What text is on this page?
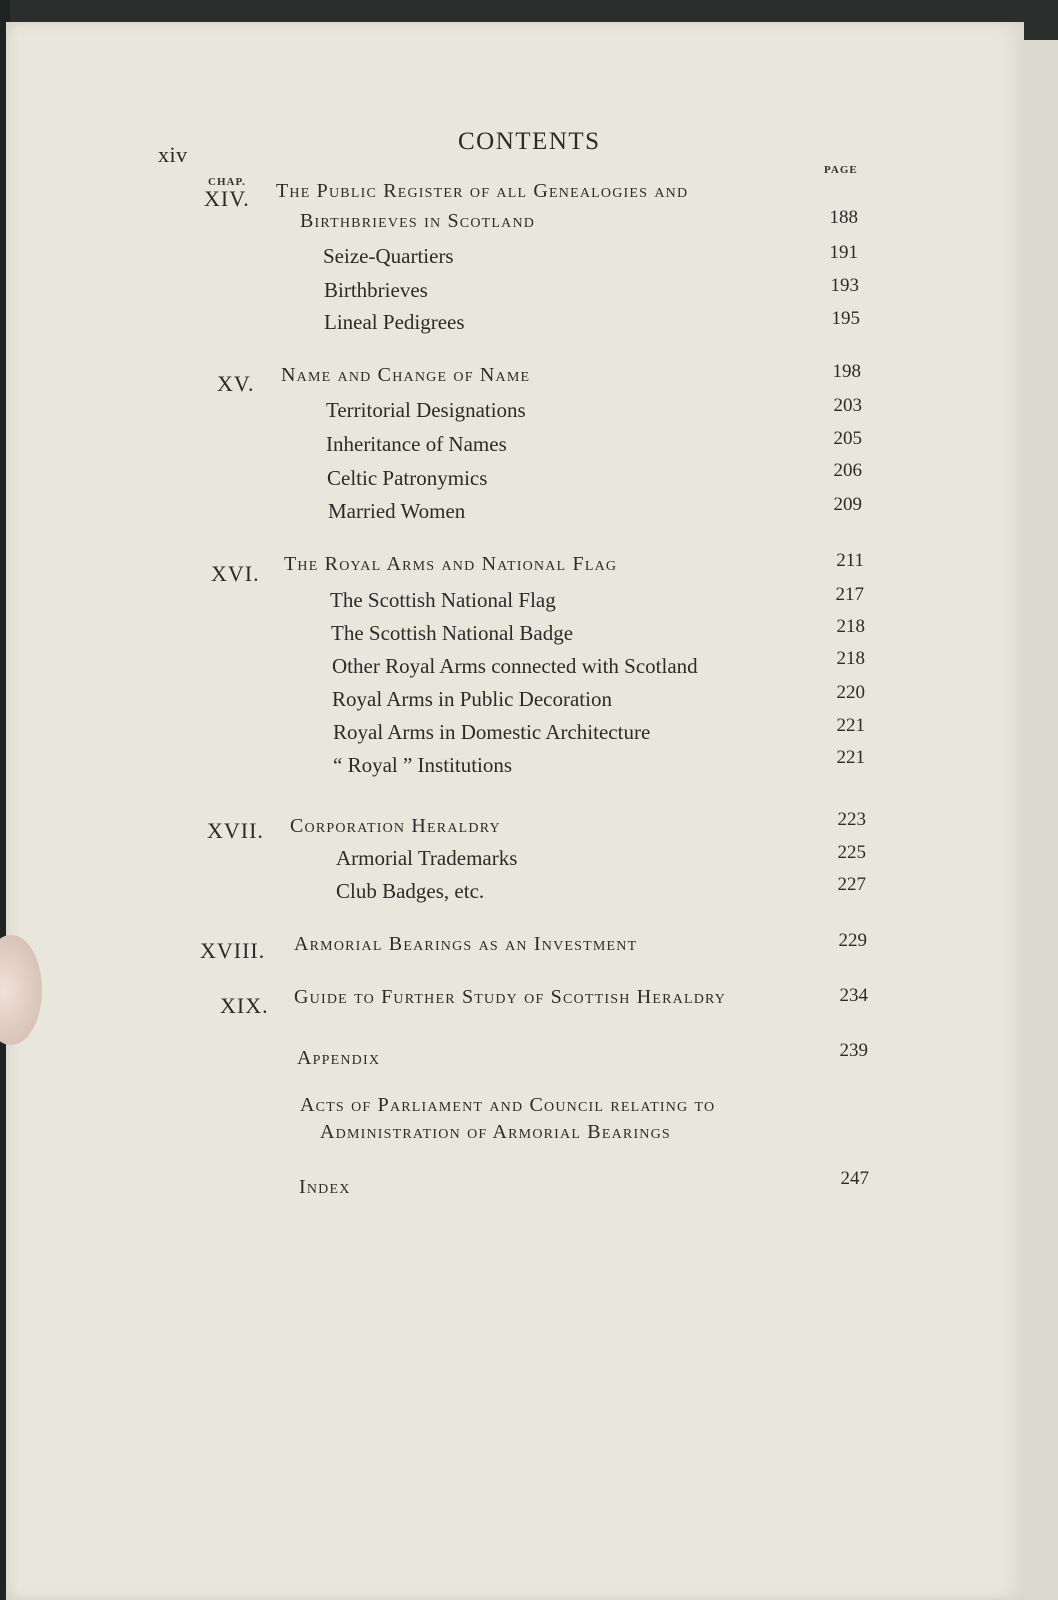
xiv	CONTENTS
CHAP.
PAGE
XIV. The Public Register of all Genealogies and
Birthbrieves in Scotland	188
Seize-Quartiers	191
Birthbrieves	193
Lineal Pedigrees	195
XV. Name and Change of Name	198
Territorial Designations	203
Inheritance of Names	205
Celtic Patronymics	206
Married Women	209
XVI. The Royal Arms and National Flag	211
The Scottish National Flag	217
The Scottish National Badge	218
Other Royal Arms connected with Scotland	218
Royal Arms in Public Decoration	220
Royal Arms in Domestic Architecture	221
“ Royal ” Institutions	221
XVII. Corporation Heraldry	223
Armorial Trademarks	225
Club Badges, etc.	227
XVIII. Armorial Bearings as an Investment	229
XIX. Guide to Further Study of Scottish Heraldry	234
Appendix	239
Acts of Parliament and Council relating to
Administration of Armorial Bearings
Index	247
